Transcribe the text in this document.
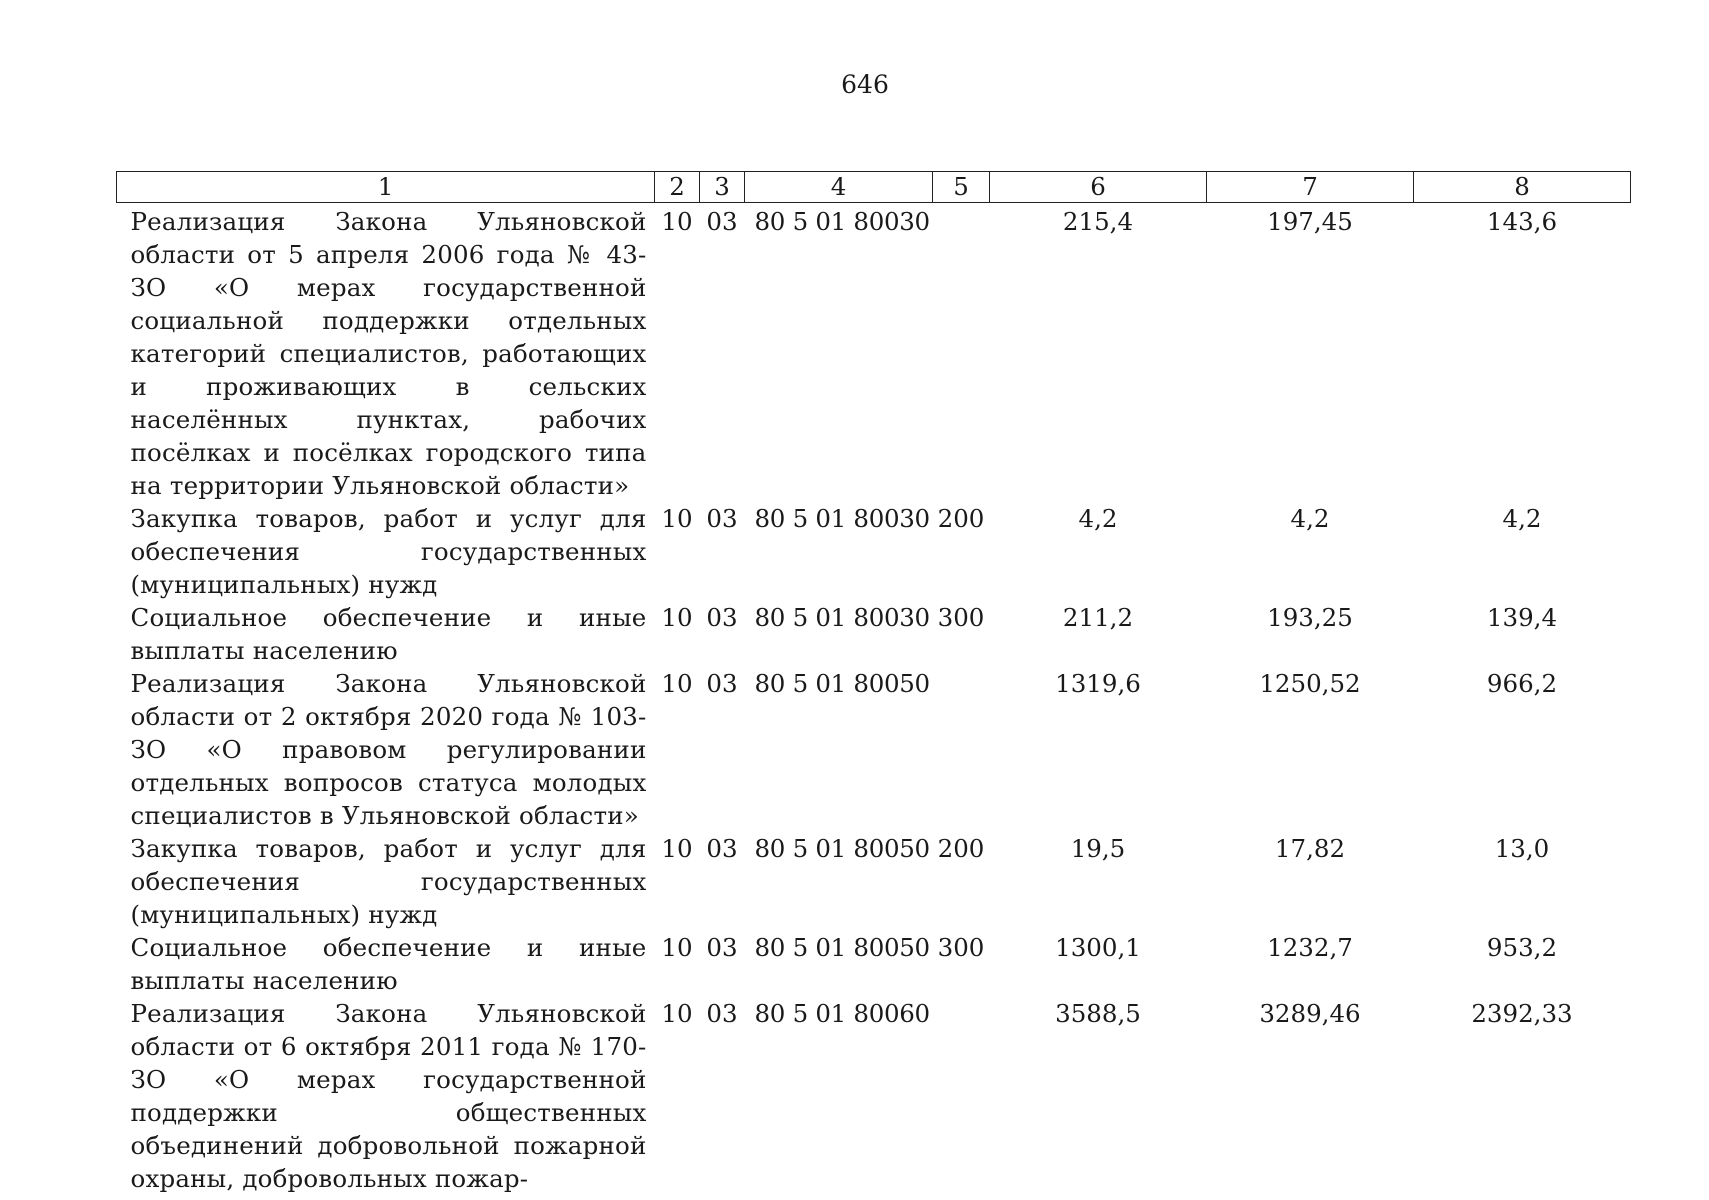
646
1	2	3	4	5	6	7	8

Реализация Закона Ульяновской области от 5 апреля 2006 года № 43-ЗО «О мерах государственной социальной поддержки отдельных категорий специалистов, работающих и проживающих в сельских населённых пунктах, рабочих посёлках и посёлках городского типа на территории Ульяновской области»	10	03	80 5 01 80030		215,4	197,45	143,6

Закупка товаров, работ и услуг для обеспечения государственных (муниципальных) нужд	10	03	80 5 01 80030	200	4,2	4,2	4,2

Социальное обеспечение и иные выплаты населению	10	03	80 5 01 80030	300	211,2	193,25	139,4

Реализация Закона Ульяновской области от 2 октября 2020 года № 103-ЗО «О правовом регулировании отдельных вопросов статуса молодых специалистов в Ульяновской области»	10	03	80 5 01 80050		1319,6	1250,52	966,2

Закупка товаров, работ и услуг для обеспечения государственных (муниципальных) нужд	10	03	80 5 01 80050	200	19,5	17,82	13,0

Социальное обеспечение и иные выплаты населению	10	03	80 5 01 80050	300	1300,1	1232,7	953,2

Реализация Закона Ульяновской области от 6 октября 2011 года № 170-ЗО «О мерах государственной поддержки общественных объединений добровольной пожарной охраны, добровольных пожар-	10	03	80 5 01 80060		3588,5	3289,46	2392,33
